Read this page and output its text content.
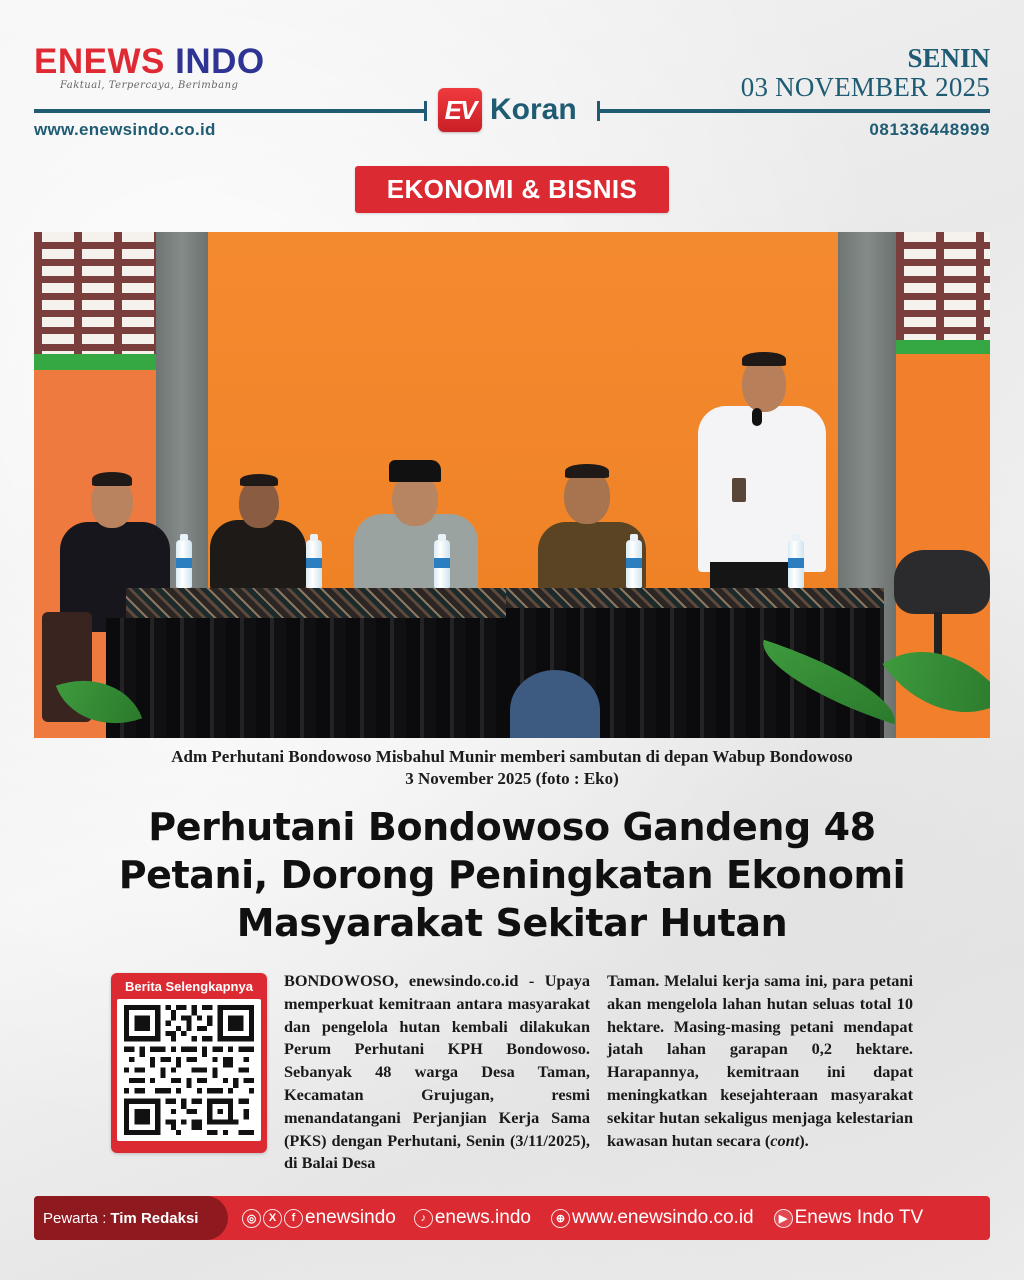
ENEWS INDO
Faktual, Terpercaya, Berimbang
EV Koran
SENIN
03 NOVEMBER 2025
www.enewsindo.co.id	081336448999
EKONOMI & BISNIS
Adm Perhutani Bondowoso Misbahul Munir memberi sambutan di depan Wabup Bondowoso
3 November 2025 (foto : Eko)
Perhutani Bondowoso Gandeng 48
Petani, Dorong Peningkatan Ekonomi
Masyarakat Sekitar Hutan
Berita Selengkapnya	BONDOWOSO, enewsindo.co.id - Upaya memperkuat kemitraan antara masyarakat dan pengelola hutan kembali dilakukan Perum Perhutani KPH Bondowoso. Sebanyak 48 warga Desa Taman, Kecamatan Grujugan, resmi menandatangani Perjanjian Kerja Sama (PKS) dengan Perhutani, Senin (3/11/2025), di Balai Desa
Taman. Melalui kerja sama ini, para petani akan mengelola lahan hutan seluas total 10 hektare. Masing-masing petani mendapat jatah lahan garapan 0,2 hektare. Harapannya, kemitraan ini dapat meningkatkan kesejahteraan masyarakat sekitar hutan sekaligus menjaga kelestarian kawasan hutan secara (cont).
Pewarta : Tim Redaksi	◎	X	f enewsindo	♪ enews.indo	⊕ www.enewsindo.co.id	▶ Enews Indo TV
